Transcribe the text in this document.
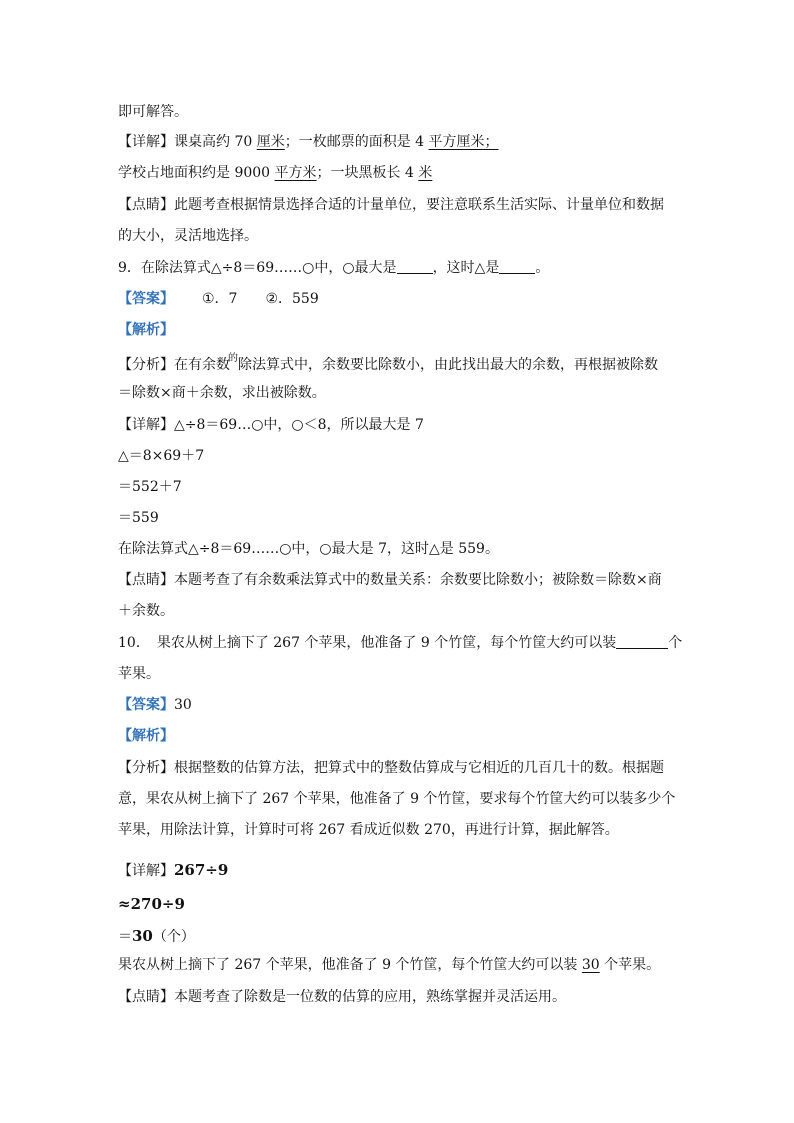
即可解答。
【详解】课桌高约 70 厘米；一枚邮票的面积是 4 平方厘米；
学校占地面积约是 9000 平方米；一块黑板长 4 米
【点睛】此题考查根据情景选择合适的计量单位，要注意联系生活实际、计量单位和数据
的大小，灵活地选择。
9．在除法算式△÷8＝69……○中，○最大是	，这时△是	。
【答案】 ①．7 ②．559
【解析】
【分析】在有余数$^的$除法算式中，余数要比除数小，由此找出最大的余数，再根据被除数
＝除数×商＋余数，求出被除数。
【详解】△÷8＝69…○中，○＜8，所以最大是 7
△＝8×69＋7
＝552＋7
＝559
在除法算式△÷8＝69……○中，○最大是 7，这时△是 559。
【点睛】本题考查了有余数乘法算式中的数量关系：余数要比除数小；被除数＝除数×商
＋余数。
10．　果农从树上摘下了 267 个苹果，他准备了 9 个竹筐，每个竹筐大约可以装	个
苹果。
【答案】30
【解析】
【分析】根据整数的估算方法，把算式中的整数估算成与它相近的几百几十的数。根据题
意，果农从树上摘下了 267 个苹果，他准备了 9 个竹筐，要求每个竹筐大约可以装多少个
苹果，用除法计算，计算时可将 267 看成近似数 270，再进行计算，据此解答。
【详解】267÷9
≈270÷9
＝30（个）
果农从树上摘下了 267 个苹果，他准备了 9 个竹筐，每个竹筐大约可以装 30 个苹果。
【点睛】本题考查了除数是一位数的估算的应用，熟练掌握并灵活运用。
